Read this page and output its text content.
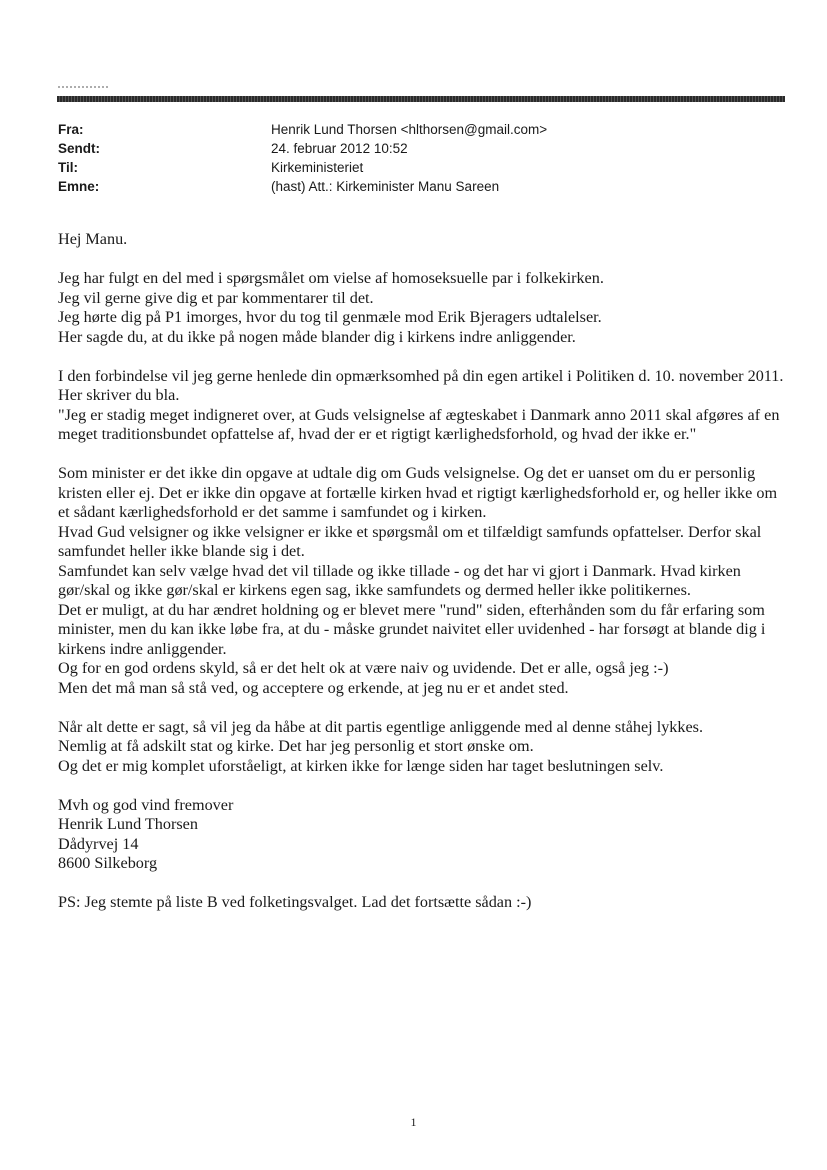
Fra:	Henrik Lund Thorsen <hlthorsen@gmail.com>
Sendt:	24. februar 2012 10:52
Til:	Kirkeministeriet
Emne:	(hast) Att.: Kirkeminister Manu Sareen

Hej Manu.

Jeg har fulgt en del med i spørgsmålet om vielse af homoseksuelle par i folkekirken.
Jeg vil gerne give dig et par kommentarer til det.
Jeg hørte dig på P1 imorges, hvor du tog til genmæle mod Erik Bjeragers udtalelser.
Her sagde du, at du ikke på nogen måde blander dig i kirkens indre anliggender.

I den forbindelse vil jeg gerne henlede din opmærksomhed på din egen artikel i Politiken d. 10. november 2011.
Her skriver du bla.
"Jeg er stadig meget indigneret over, at Guds velsignelse af ægteskabet i Danmark anno 2011 skal afgøres af en meget traditionsbundet opfattelse af, hvad der er et rigtigt kærlighedsforhold, og hvad der ikke er."

Som minister er det ikke din opgave at udtale dig om Guds velsignelse. Og det er uanset om du er personlig kristen eller ej. Det er ikke din opgave at fortælle kirken hvad et rigtigt kærlighedsforhold er, og heller ikke om et sådant kærlighedsforhold er det samme i samfundet og i kirken.
Hvad Gud velsigner og ikke velsigner er ikke et spørgsmål om et tilfældigt samfunds opfattelser. Derfor skal samfundet heller ikke blande sig i det.
Samfundet kan selv vælge hvad det vil tillade og ikke tillade - og det har vi gjort i Danmark. Hvad kirken gør/skal og ikke gør/skal er kirkens egen sag, ikke samfundets og dermed heller ikke politikernes.
Det er muligt, at du har ændret holdning og er blevet mere "rund" siden, efterhånden som du får erfaring som minister, men du kan ikke løbe fra, at du - måske grundet naivitet eller uvidenhed - har forsøgt at blande dig i kirkens indre anliggender.
Og for en god ordens skyld, så er det helt ok at være naiv og uvidende. Det er alle, også jeg :-)
Men det må man så stå ved, og acceptere og erkende, at jeg nu er et andet sted.

Når alt dette er sagt, så vil jeg da håbe at dit partis egentlige anliggende med al denne ståhej lykkes.
Nemlig at få adskilt stat og kirke. Det har jeg personlig et stort ønske om.
Og det er mig komplet uforståeligt, at kirken ikke for længe siden har taget beslutningen selv.

Mvh og god vind fremover
Henrik Lund Thorsen
Dådyrvej 14
8600 Silkeborg

PS: Jeg stemte på liste B ved folketingsvalget. Lad det fortsætte sådan :-)

1
